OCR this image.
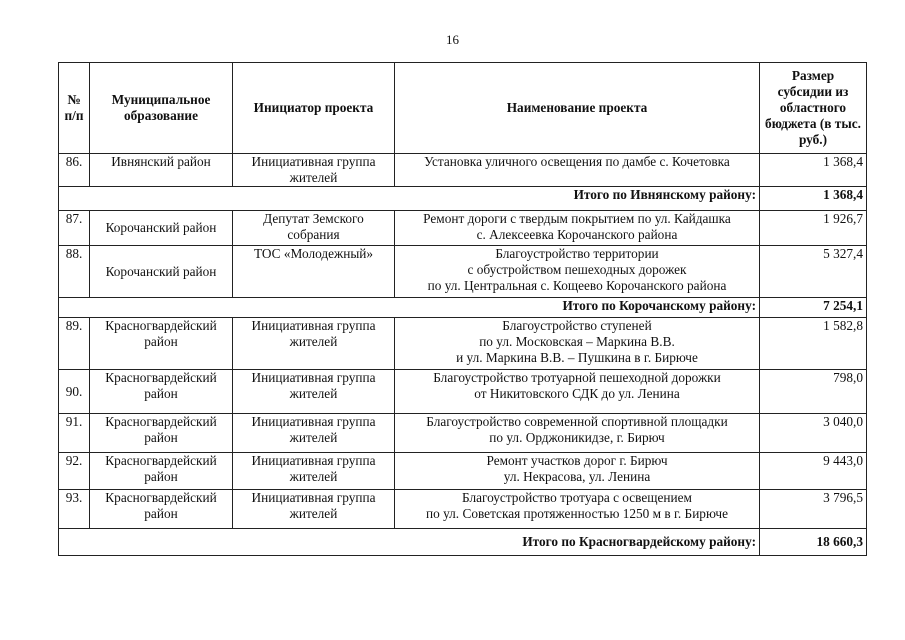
16
№ п/п	Муниципальное образование	Инициатор проекта	Наименование проекта	Размер субсидии из областного бюджета (в тыс. руб.)
86.	Ивнянский район	Инициативная группа жителей	Установка уличного освещения по дамбе с. Кочетовка	1 368,4
Итого по Ивнянскому району:				1 368,4
87.	Корочанский район	Депутат Земского собрания	Ремонт дороги с твердым покрытием по ул. Кайдашка
с. Алексеевка Корочанского района	1 926,7
88.	Корочанский район	ТОС «Молодежный»	Благоустройство территории
с обустройством пешеходных дорожек
по ул. Центральная с. Кощеево Корочанского района	5 327,4
Итого по Корочанскому району:				7 254,1
89.	Красногвардейский район	Инициативная группа жителей	Благоустройство ступеней
по ул. Московская – Маркина В.В.
и ул. Маркина В.В. – Пушкина в г. Бирюче	1 582,8
90.	Красногвардейский район	Инициативная группа жителей	Благоустройство тротуарной пешеходной дорожки
от Никитовского СДК до ул. Ленина	798,0
91.	Красногвардейский район	Инициативная группа жителей	Благоустройство современной спортивной площадки
по ул. Орджоникидзе, г. Бирюч	3 040,0
92.	Красногвардейский район	Инициативная группа жителей	Ремонт участков дорог г. Бирюч
ул. Некрасова, ул. Ленина	9 443,0
93.	Красногвардейский район	Инициативная группа жителей	Благоустройство тротуара с освещением
по ул. Советская протяженностью 1250 м в г. Бирюче	3 796,5
Итого по Красногвардейскому району:				18 660,3
